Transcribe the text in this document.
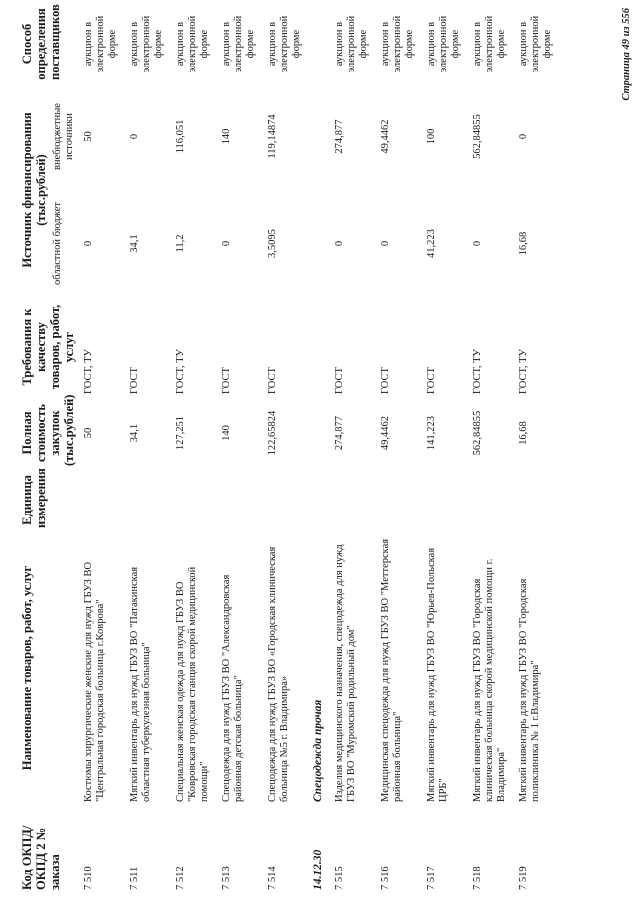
Код ОКПД/ ОКПД 2 № заказа	Наименование товаров, работ, услуг	Единица измерения	Полная стоимость закупок (тыс.рублей)	Требования к качеству товаров, работ, услуг	Источник финансирования (тыс.рублей)		Способ определения поставщиков
					областной бюджет	внебюджетные источники	
7 510	Костюмы хирургические женские для нужд ГБУЗ ВО "Центральная городская больница г.Коврова"		50	ГОСТ, ТУ	0	50	аукцион в электронной форме
7 511	Мягкий инвентарь для нужд ГБУЗ ВО "Патакинская областная туберкулезная больница"		34,1	ГОСТ	34,1	0	аукцион в электронной форме
7 512	Специальная женская одежда для нужд ГБУЗ ВО "Ковровская городская станция скорой медицинской помощи"		127,251	ГОСТ, ТУ	11,2	116,051	аукцион в электронной форме
7 513	Спецодежда для нужд ГБУЗ ВО "Александровская районная детская больница"		140	ГОСТ	0	140	аукцион в электронной форме
7 514	Спецодежда для нужд ГБУЗ ВО «Городская клиническая больница №5 г. Владимира»		122,65824	ГОСТ	3,5095	119,14874	аукцион в электронной форме
14.12.30	Спецодежда прочая						
7 515	Изделия медицинского назначения, спецодежда для нужд ГБУЗ ВО "Муромский родильный дом"		274,877	ГОСТ	0	274,877	аукцион в электронной форме
7 516	Медицинская спецодежда для нужд ГБУЗ ВО "Меттерская районная больница"		49,4462	ГОСТ	0	49,4462	аукцион в электронной форме
7 517	Мягкий инвентарь для нужд ГБУЗ ВО "Юрьев-Польская ЦРБ"		141,223	ГОСТ	41,223	100	аукцион в электронной форме
7 518	Мягкий инвентарь для нужд ГБУЗ ВО "Городская клиническая больница скорой медицинской помощи г. Владимира"		562,84855	ГОСТ, ТУ	0	562,84855	аукцион в электронной форме
7 519	Мягкий инвентарь для нужд ГБУЗ ВО "Городская поликлиника № 1 г.Владимира"		16,68	ГОСТ, ТУ	16,68	0	аукцион в электронной форме	Страница 49 из 556
